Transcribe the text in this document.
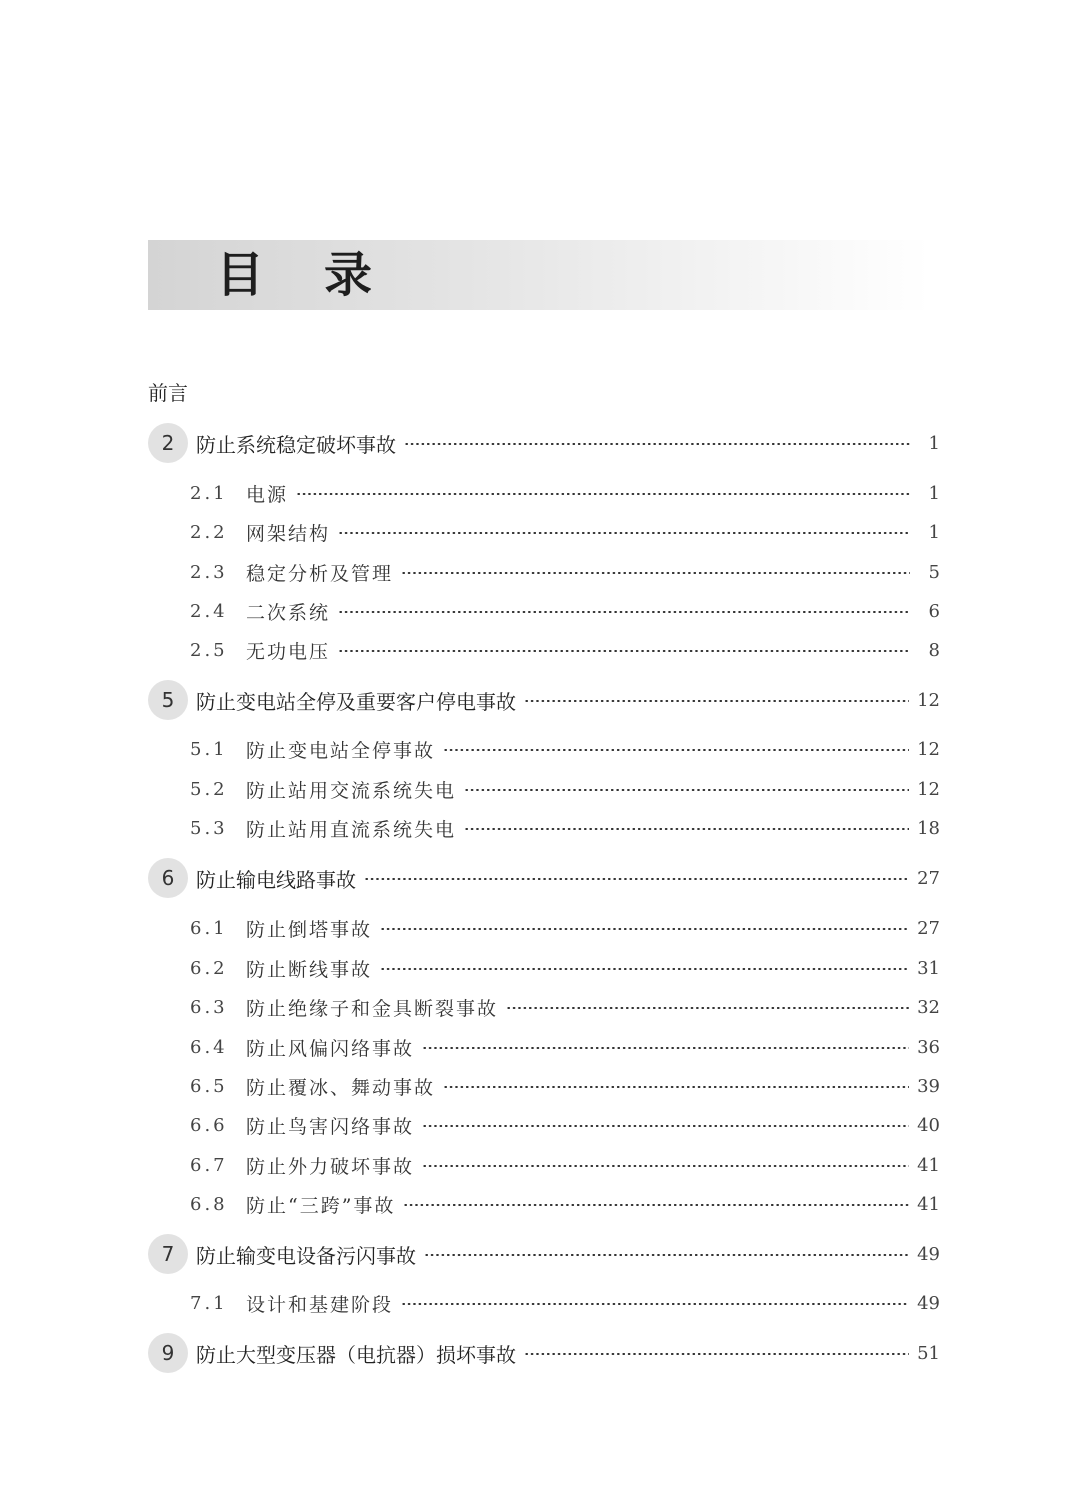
目 录
前言
2	防止系统稳定破坏事故	1
2.1 电源	1
2.2 网架结构	1
2.3 稳定分析及管理	5
2.4 二次系统	6
2.5 无功电压	8
5	防止变电站全停及重要客户停电事故	12
5.1 防止变电站全停事故	12
5.2 防止站用交流系统失电	12
5.3 防止站用直流系统失电	18
6	防止输电线路事故	27
6.1 防止倒塔事故	27
6.2 防止断线事故	31
6.3 防止绝缘子和金具断裂事故	32
6.4 防止风偏闪络事故	36
6.5 防止覆冰、舞动事故	39
6.6 防止鸟害闪络事故	40
6.7 防止外力破坏事故	41
6.8 防止“三跨”事故	41
7	防止输变电设备污闪事故	49
7.1 设计和基建阶段	49
9	防止大型变压器（电抗器）损坏事故	51
